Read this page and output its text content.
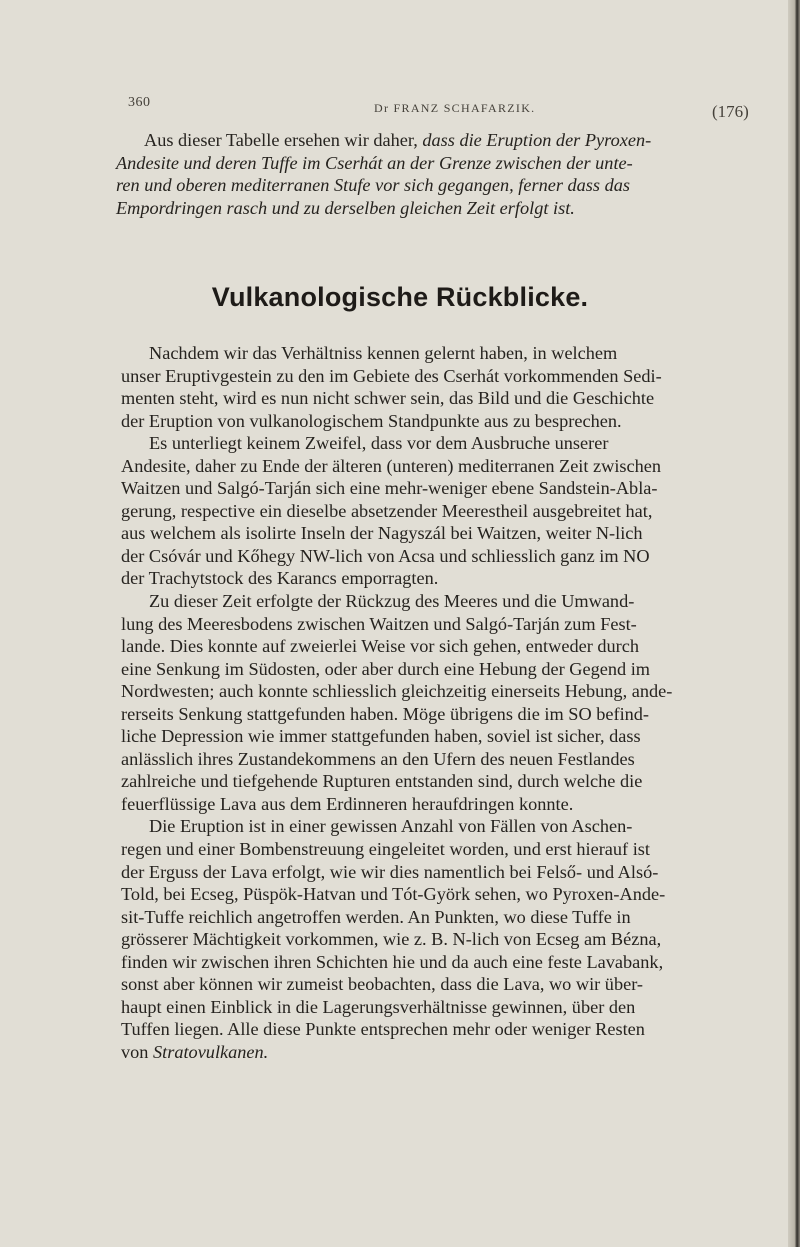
360	Dr FRANZ SCHAFARZIK.	(176)

Aus dieser Tabelle ersehen wir daher, dass die Eruption der Pyroxen-

Andesite und deren Tuffe im Cserhát an der Grenze zwischen der unte-
ren und oberen mediterranen Stufe vor sich gegangen, ferner dass das
Empordringen rasch und zu derselben gleichen Zeit erfolgt ist.
Vulkanologische Rückblicke.

Nachdem wir das Verhältniss kennen gelernt haben, in welchem
unser Eruptivgestein zu den im Gebiete des Cserhát vorkommenden Sedi-
menten steht, wird es nun nicht schwer sein, das Bild und die Geschichte
der Eruption von vulkanologischem Standpunkte aus zu besprechen.

Es unterliegt keinem Zweifel, dass vor dem Ausbruche unserer
Andesite, daher zu Ende der älteren (unteren) mediterranen Zeit zwischen
Waitzen und Salgó-Tarján sich eine mehr-weniger ebene Sandstein-Abla-
gerung, respective ein dieselbe absetzender Meerestheil ausgebreitet hat,
aus welchem als isolirte Inseln der Nagyszál bei Waitzen, weiter N-lich
der Csóvár und Kőhegy NW-lich von Acsa und schliesslich ganz im NO
der Trachytstock des Karancs emporragten.

Zu dieser Zeit erfolgte der Rückzug des Meeres und die Umwand-
lung des Meeresbodens zwischen Waitzen und Salgó-Tarján zum Fest-
lande. Dies konnte auf zweierlei Weise vor sich gehen, entweder durch
eine Senkung im Südosten, oder aber durch eine Hebung der Gegend im
Nordwesten; auch konnte schliesslich gleichzeitig einerseits Hebung, ande-
rerseits Senkung stattgefunden haben. Möge übrigens die im SO befind-
liche Depression wie immer stattgefunden haben, soviel ist sicher, dass
anlässlich ihres Zustandekommens an den Ufern des neuen Festlandes
zahlreiche und tiefgehende Rupturen entstanden sind, durch welche die
feuerflüssige Lava aus dem Erdinneren heraufdringen konnte.

Die Eruption ist in einer gewissen Anzahl von Fällen von Aschen-
regen und einer Bombenstreuung eingeleitet worden, und erst hierauf ist
der Erguss der Lava erfolgt, wie wir dies namentlich bei Felső- und Alsó-
Told, bei Ecseg, Püspök-Hatvan und Tót-Györk sehen, wo Pyroxen-Ande-
sit-Tuffe reichlich angetroffen werden. An Punkten, wo diese Tuffe in
grösserer Mächtigkeit vorkommen, wie z. B. N-lich von Ecseg am Bézna,
finden wir zwischen ihren Schichten hie und da auch eine feste Lavabank,
sonst aber können wir zumeist beobachten, dass die Lava, wo wir über-
haupt einen Einblick in die Lagerungsverhältnisse gewinnen, über den
Tuffen liegen. Alle diese Punkte entsprechen mehr oder weniger Resten
von Stratovulkanen.
